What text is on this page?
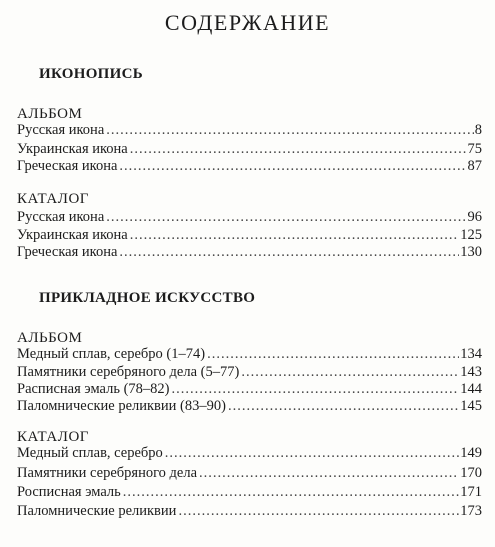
СОДЕРЖАНИЕ
ИКОНОПИСЬ
АЛЬБОМ
Русская икона .....	8
Украинская икона .....	75
Греческая икона .....	87
КАТАЛОГ
Русская икона .....	96
Украинская икона .....	125
Греческая икона .....	130
ПРИКЛАДНОЕ ИСКУССТВО
АЛЬБОМ
Медный сплав, серебро (1–74) .....	134
Памятники серебряного дела (5–77) .....	143
Расписная эмаль (78–82) .....	144
Паломнические реликвии (83–90) .....	145
КАТАЛОГ
Медный сплав, серебро .....	149
Памятники серебряного дела .....	170
Росписная эмаль .....	171
Паломнические реликвии .....	173
